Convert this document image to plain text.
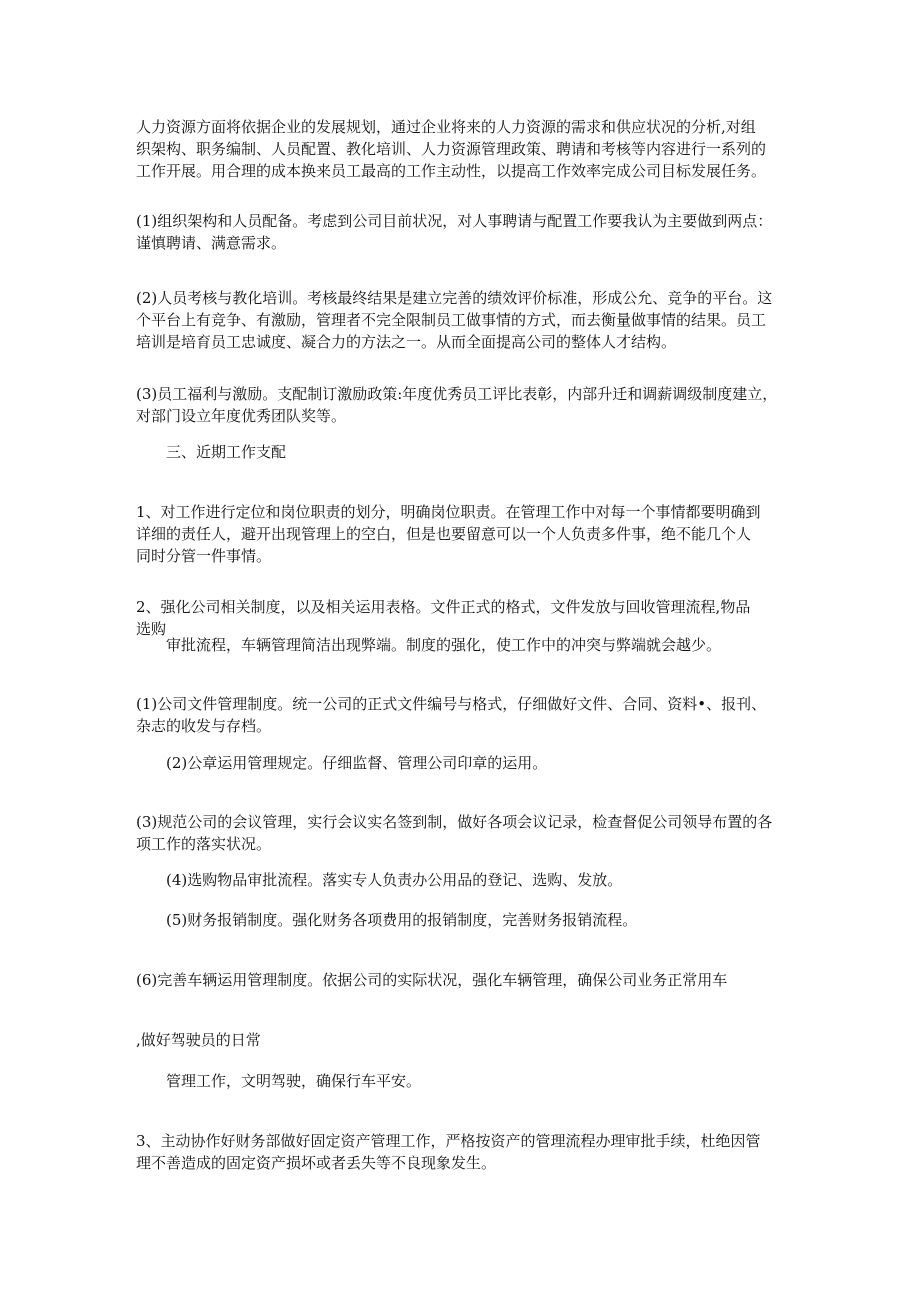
人力资源方面将依据企业的发展规划，通过企业将来的人力资源的需求和供应状况的分析,对组
织架构、职务编制、人员配置、教化培训、人力资源管理政策、聘请和考核等内容进行一系列的
工作开展。用合理的成本换来员工最高的工作主动性，以提高工作效率完成公司目标发展任务。

(1)组织架构和人员配备。考虑到公司目前状况，对人事聘请与配置工作要我认为主要做到两点：
谨慎聘请、满意需求。

(2)人员考核与教化培训。考核最终结果是建立完善的绩效评价标准，形成公允、竞争的平台。这
个平台上有竞争、有激励，管理者不完全限制员工做事情的方式，而去衡量做事情的结果。员工
培训是培育员工忠诚度、凝合力的方法之一。从而全面提高公司的整体人才结构。

(3)员工福利与激励。支配制订激励政策:年度优秀员工评比表彰，内部升迁和调薪调级制度建立，
对部门设立年度优秀团队奖等。

三、近期工作支配

1、对工作进行定位和岗位职责的划分，明确岗位职责。在管理工作中对每一个事情都要明确到
详细的责任人，避开出现管理上的空白，但是也要留意可以一个人负责多件事，绝不能几个人
同时分管一件事情。

2、强化公司相关制度，以及相关运用表格。文件正式的格式，文件发放与回收管理流程,物品
选购

审批流程，车辆管理简洁出现弊端。制度的强化，使工作中的冲突与弊端就会越少。

(1)公司文件管理制度。统一公司的正式文件编号与格式，仔细做好文件、合同、资料•、报刊、
杂志的收发与存档。

(2)公章运用管理规定。仔细监督、管理公司印章的运用。

(3)规范公司的会议管理，实行会议实名签到制，做好各项会议记录，检查督促公司领导布置的各
项工作的落实状况。

(4)选购物品审批流程。落实专人负责办公用品的登记、选购、发放。

(5)财务报销制度。强化财务各项费用的报销制度，完善财务报销流程。

(6)完善车辆运用管理制度。依据公司的实际状况，强化车辆管理，确保公司业务正常用车

,做好驾驶员的日常

管理工作，文明驾驶，确保行车平安。

3、主动协作好财务部做好固定资产管理工作，严格按资产的管理流程办理审批手续，杜绝因管
理不善造成的固定资产损坏或者丢失等不良现象发生。
